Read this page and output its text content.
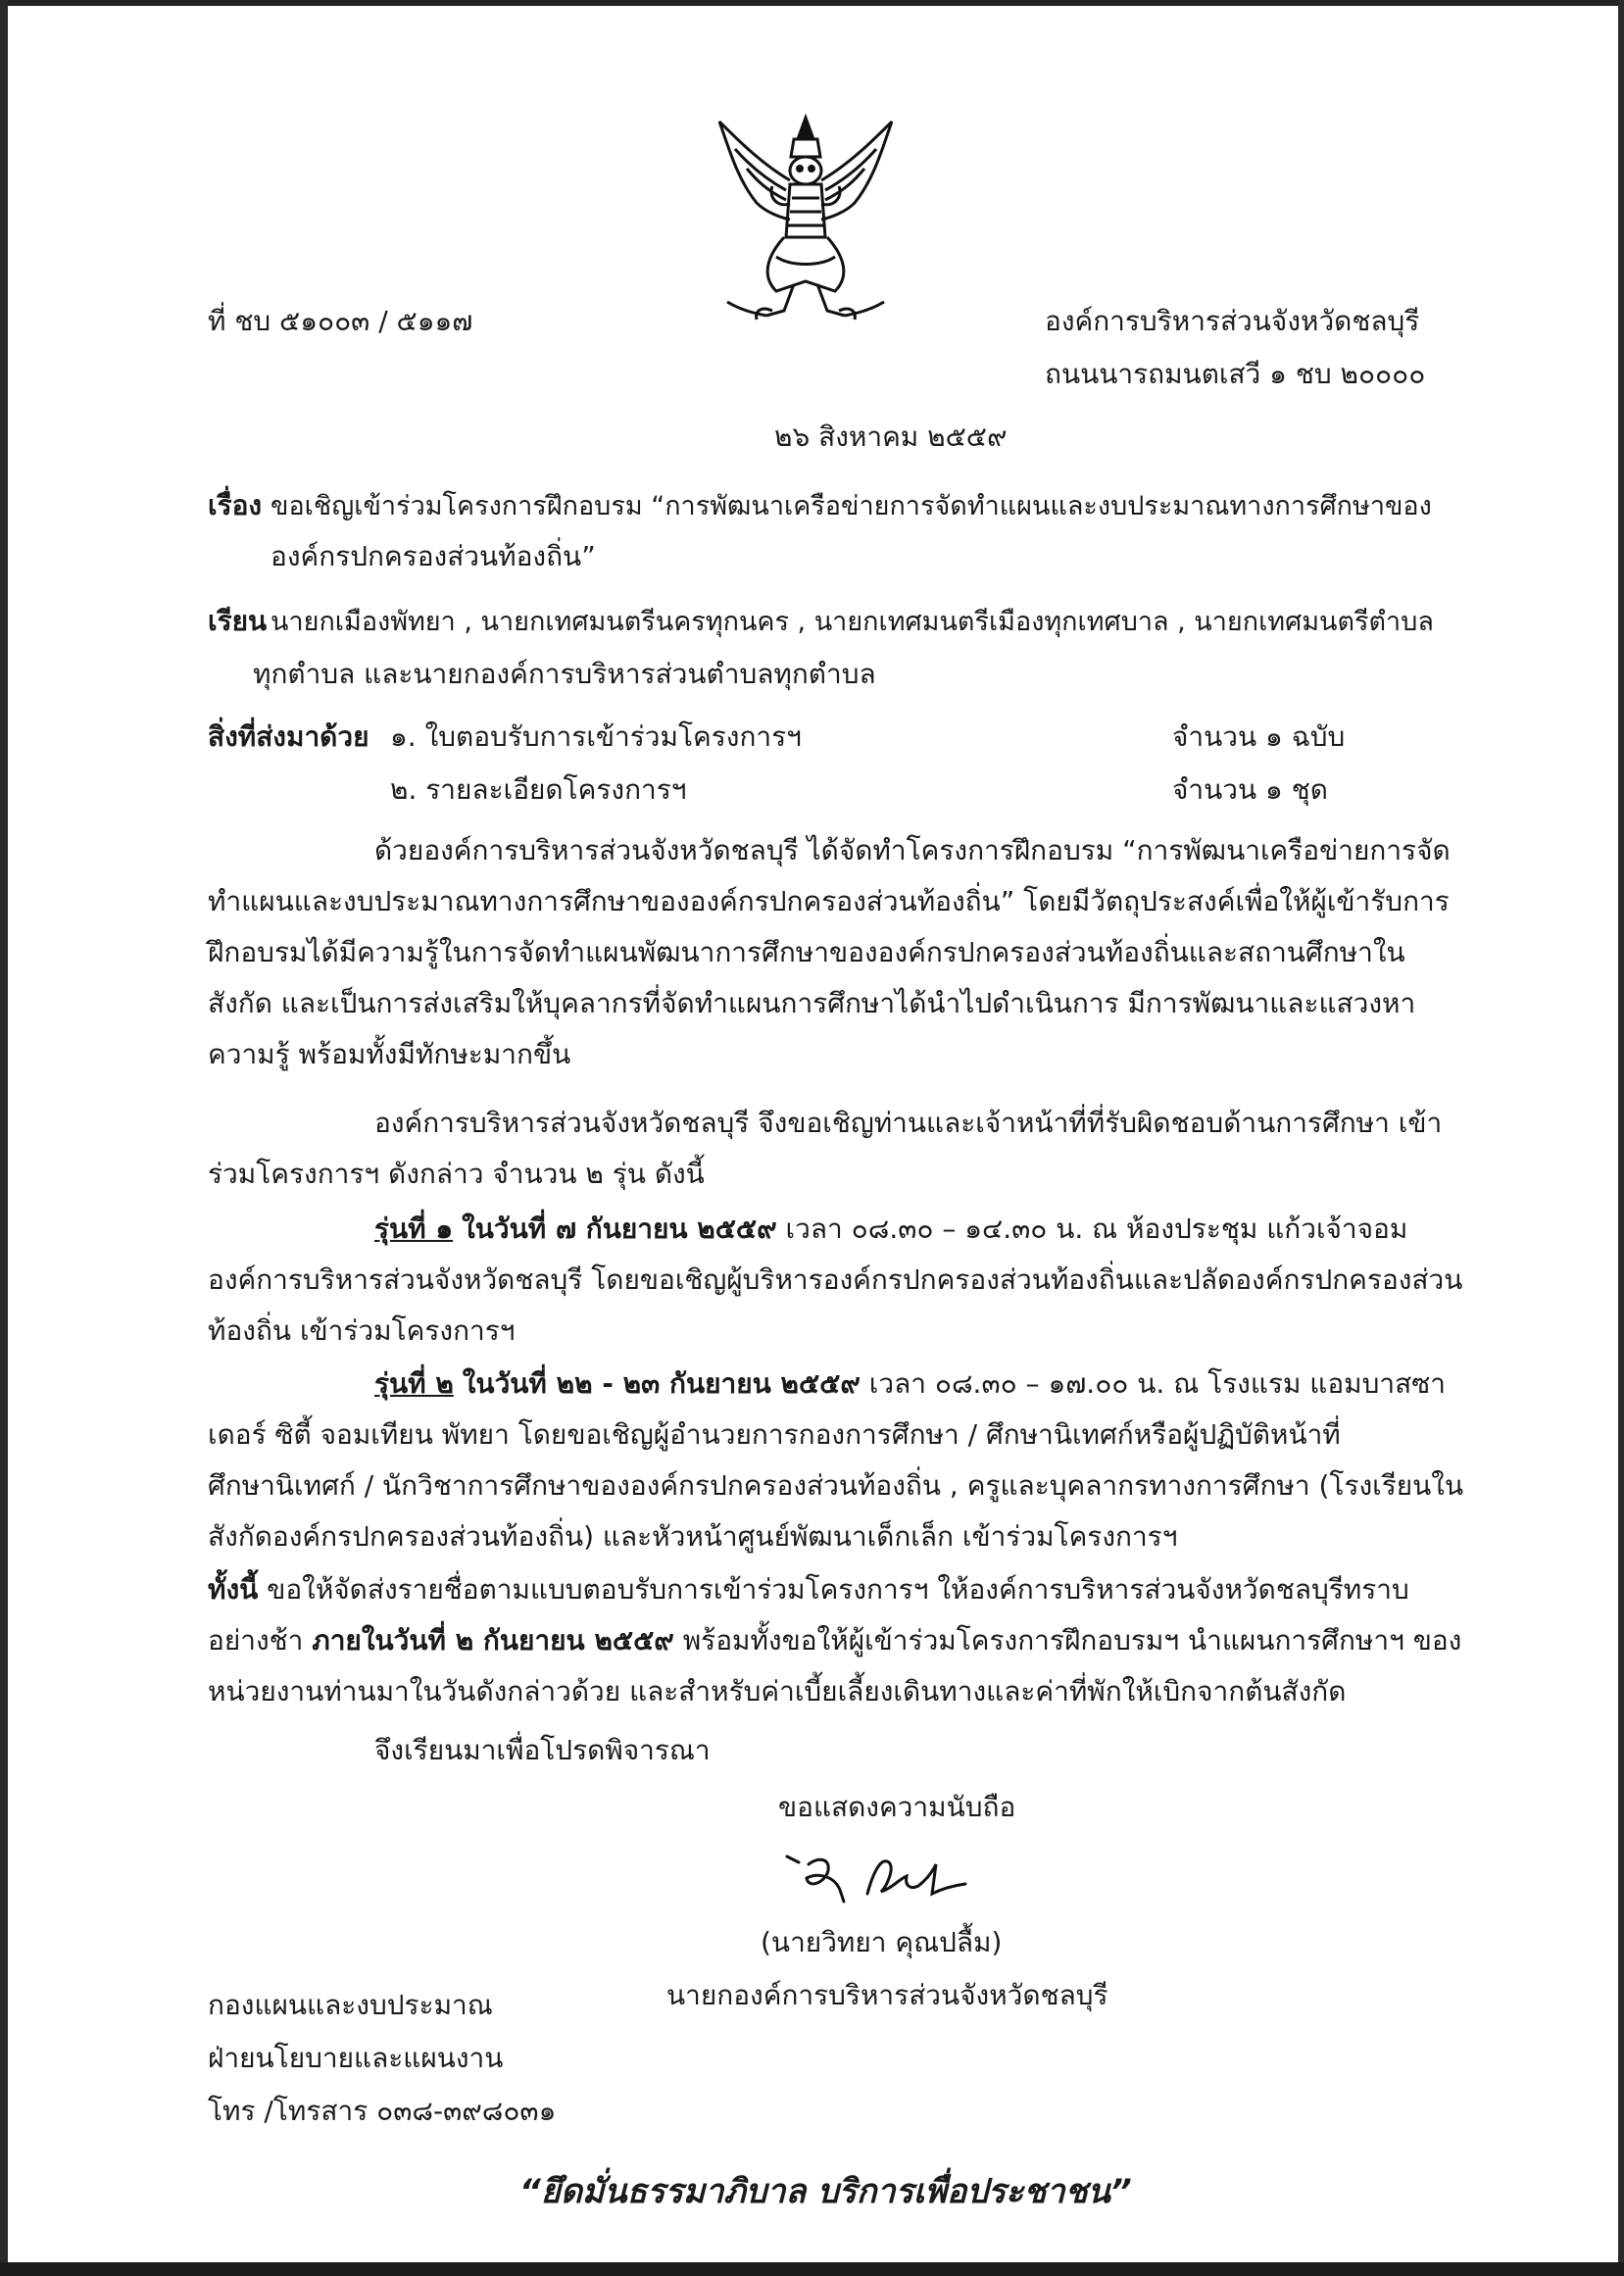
ที่ ชบ ๕๑๐๐๓ / ๕๑๑๗	องค์การบริหารส่วนจังหวัดชลบุรี
ถนนนารถมนตเสวี ๑ ชบ ๒๐๐๐๐
๒๖ สิงหาคม ๒๕๕๙
เรื่อง ขอเชิญเข้าร่วมโครงการฝึกอบรม “การพัฒนาเครือข่ายการจัดทำแผนและงบประมาณทางการศึกษาของ
องค์กรปกครองส่วนท้องถิ่น”
เรียน นายกเมืองพัทยา , นายกเทศมนตรีนครทุกนคร , นายกเทศมนตรีเมืองทุกเทศบาล , นายกเทศมนตรีตำบล
ทุกตำบล และนายกองค์การบริหารส่วนตำบลทุกตำบล
สิ่งที่ส่งมาด้วย ๑. ใบตอบรับการเข้าร่วมโครงการฯ	จำนวน ๑ ฉบับ
๒. รายละเอียดโครงการฯ	จำนวน ๑ ชุด

ด้วยองค์การบริหารส่วนจังหวัดชลบุรี ได้จัดทำโครงการฝึกอบรม “การพัฒนาเครือข่ายการจัดทำแผนและงบประมาณทางการศึกษาขององค์กรปกครองส่วนท้องถิ่น” โดยมีวัตถุประสงค์เพื่อให้ผู้เข้ารับการฝึกอบรมได้มีความรู้ในการจัดทำแผนพัฒนาการศึกษาขององค์กรปกครองส่วนท้องถิ่นและสถานศึกษาในสังกัด และเป็นการส่งเสริมให้บุคลากรที่จัดทำแผนการศึกษาได้นำไปดำเนินการ มีการพัฒนาและแสวงหาความรู้ พร้อมทั้งมีทักษะมากขึ้น

องค์การบริหารส่วนจังหวัดชลบุรี จึงขอเชิญท่านและเจ้าหน้าที่ที่รับผิดชอบด้านการศึกษา เข้าร่วมโครงการฯ ดังกล่าว จำนวน ๒ รุ่น ดังนี้

รุ่นที่ ๑ ในวันที่ ๗ กันยายน ๒๕๕๙ เวลา ๐๘.๓๐ – ๑๔.๓๐ น. ณ ห้องประชุม แก้วเจ้าจอม องค์การบริหารส่วนจังหวัดชลบุรี โดยขอเชิญผู้บริหารองค์กรปกครองส่วนท้องถิ่นและปลัดองค์กรปกครองส่วนท้องถิ่น เข้าร่วมโครงการฯ

รุ่นที่ ๒ ในวันที่ ๒๒ - ๒๓ กันยายน ๒๕๕๙ เวลา ๐๘.๓๐ – ๑๗.๐๐ น. ณ โรงแรม แอมบาสซาเดอร์ ซิตี้ จอมเทียน พัทยา โดยขอเชิญผู้อำนวยการกองการศึกษา / ศึกษานิเทศก์หรือผู้ปฏิบัติหน้าที่ศึกษานิเทศก์ / นักวิชาการศึกษาขององค์กรปกครองส่วนท้องถิ่น , ครูและบุคลากรทางการศึกษา (โรงเรียนในสังกัดองค์กรปกครองส่วนท้องถิ่น) และหัวหน้าศูนย์พัฒนาเด็กเล็ก เข้าร่วมโครงการฯ

ทั้งนี้ ขอให้จัดส่งรายชื่อตามแบบตอบรับการเข้าร่วมโครงการฯ ให้องค์การบริหารส่วนจังหวัดชลบุรีทราบอย่างช้า ภายในวันที่ ๒ กันยายน ๒๕๕๙ พร้อมทั้งขอให้ผู้เข้าร่วมโครงการฝึกอบรมฯ นำแผนการศึกษาฯ ของหน่วยงานท่านมาในวันดังกล่าวด้วย และสำหรับค่าเบี้ยเลี้ยงเดินทางและค่าที่พักให้เบิกจากต้นสังกัด

จึงเรียนมาเพื่อโปรดพิจารณา
ขอแสดงความนับถือ
(นายวิทยา คุณปลื้ม)
นายกองค์การบริหารส่วนจังหวัดชลบุรี
กองแผนและงบประมาณ
ฝ่ายนโยบายและแผนงาน
โทร /โทรสาร ๐๓๘-๓๙๘๐๓๑
“ยึดมั่นธรรมาภิบาล บริการเพื่อประชาชน”
